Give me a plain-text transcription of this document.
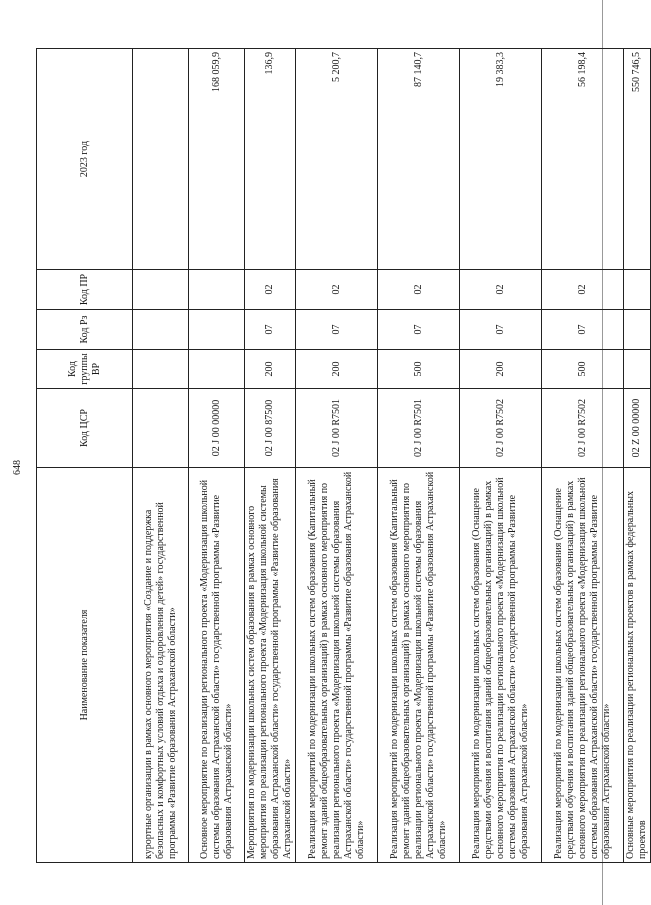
648
Наименование показателя	Код ЦСР	Код группы ВР	Код Рз	Код ПР	2023 год
курортные организации в рамках основного мероприятия «Создание и поддержка безопасных и комфортных условий отдыха и оздоровления детей» государственной программы «Развитие образования Астраханской области»					
Основное мероприятие по реализации регионального проекта «Модернизация школьной системы образования Астраханской области» государственной программы «Развитие образования Астраханской области»	02 J 00 00000				168 059,9
Мероприятия по модернизации школьных систем образования в рамках основного мероприятия по реализации регионального проекта «Модернизация школьной системы образования Астраханской области» государственной программы «Развитие образования Астраханской области»	02 J 00 87500	200	07	02	136,9
Реализация мероприятий по модернизации школьных систем образования (Капитальный ремонт зданий общеобразовательных организаций) в рамках основного мероприятия по реализации регионального проекта «Модернизация школьной системы образования Астраханской области» государственной программы «Развитие образования Астраханской области»	02 J 00 R7501	200	07	02	5 200,7
Реализация мероприятий по модернизации школьных систем образования (Капитальный ремонт зданий общеобразовательных организаций) в рамках основного мероприятия по реализации регионального проекта «Модернизация школьной системы образования Астраханской области» государственной программы «Развитие образования Астраханской области»	02 J 00 R7501	500	07	02	87 140,7
Реализация мероприятий по модернизации школьных систем образования (Оснащение средствами обучения и воспитания зданий общеобразовательных организаций) в рамках основного мероприятия по реализации регионального проекта «Модернизация школьной системы образования Астраханской области» государственной программы «Развитие образования Астраханской области»	02 J 00 R7502	200	07	02	19 383,3
Реализация мероприятий по модернизации школьных систем образования (Оснащение средствами обучения и воспитания зданий общеобразовательных организаций) в рамках основного мероприятия по реализации регионального проекта «Модернизация школьной системы образования Астраханской области» государственной программы «Развитие образования Астраханской области»	02 J 00 R7502	500	07	02	56 198,4
Основные мероприятия по реализации региональных проектов в рамках федеральных проектов	02 Z 00 00000				550 746,5
